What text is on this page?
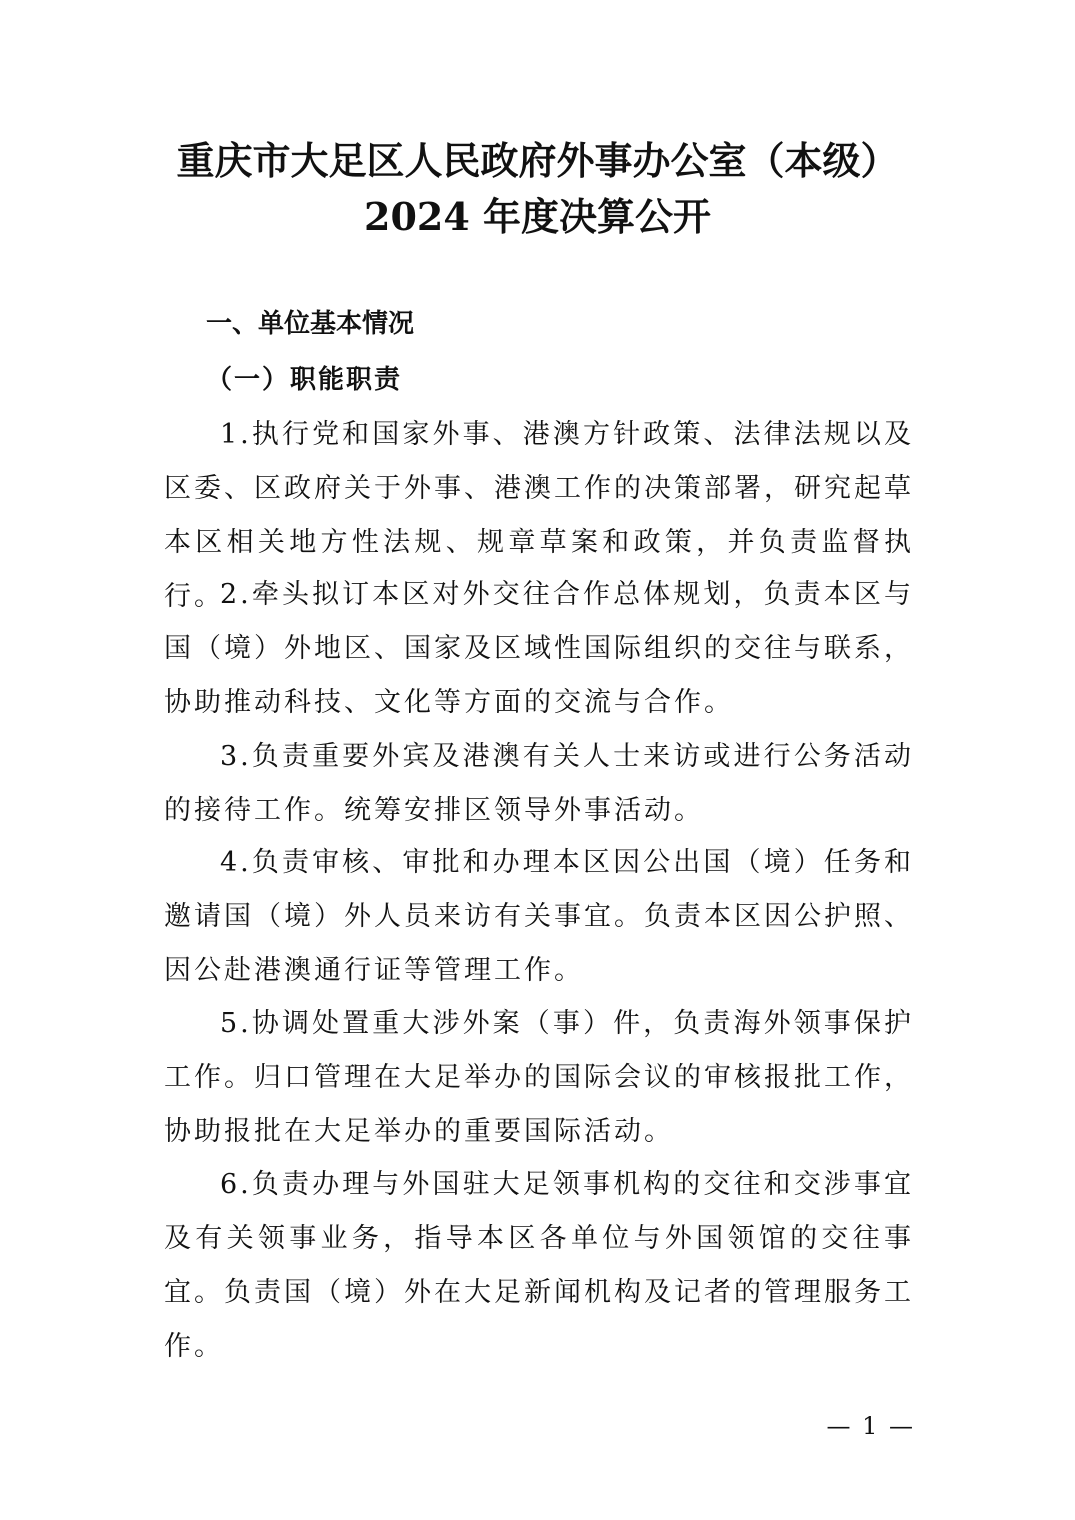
重庆市大足区人民政府外事办公室（本级）
2024 年度决算公开
一、单位基本情况
（一）职能职责

1.执行党和国家外事、港澳方针政策、法律法规以及区委、区政府关于外事、港澳工作的决策部署，研究起草本区相关地方性法规、规章草案和政策，并负责监督执行。

2.牵头拟订本区对外交往合作总体规划，负责本区与国（境）外地区、国家及区域性国际组织的交往与联系，协助推动科技、文化等方面的交流与合作。

3.负责重要外宾及港澳有关人士来访或进行公务活动的接待工作。统筹安排区领导外事活动。

4.负责审核、审批和办理本区因公出国（境）任务和邀请国（境）外人员来访有关事宜。负责本区因公护照、因公赴港澳通行证等管理工作。

5.协调处置重大涉外案（事）件，负责海外领事保护工作。归口管理在大足举办的国际会议的审核报批工作，协助报批在大足举办的重要国际活动。

6.负责办理与外国驻大足领事机构的交往和交涉事宜及有关领事业务，指导本区各单位与外国领馆的交往事宜。负责国（境）外在大足新闻机构及记者的管理服务工作。

— 1 —
